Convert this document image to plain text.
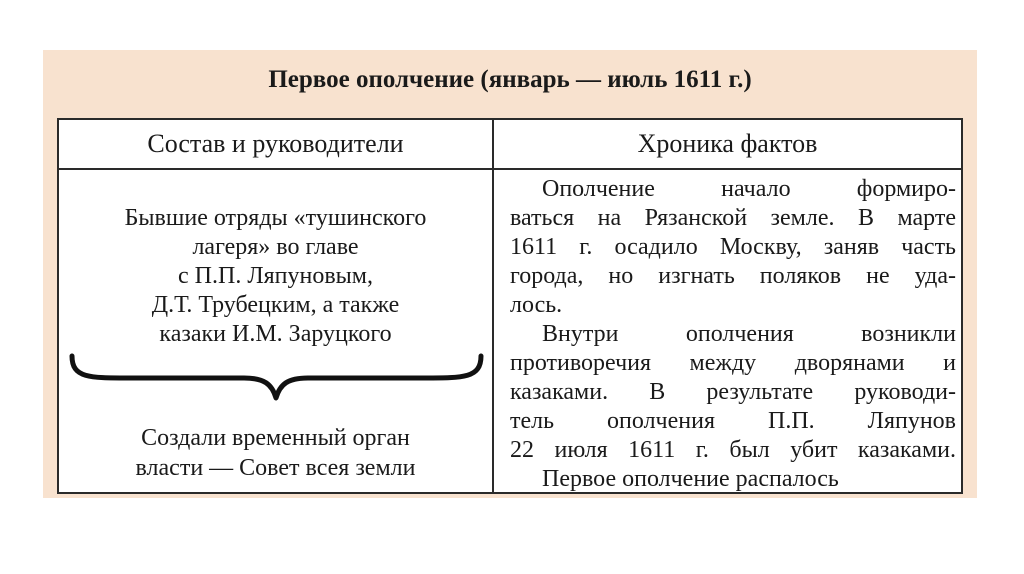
Первое ополчение (январь — июль 1611 г.)
Состав и руководители	Хроника фактов
Бывшие отряды «тушинского
лагеря» во главе
с П.П. Ляпуновым,
Д.Т. Трубецким, а также
казаки И.М. Заруцкого
Создали временный орган
власти — Совет всея земли
Ополчение начало формиро-
ваться на Рязанской земле. В марте
1611 г. осадило Москву, заняв часть
города, но изгнать поляков не уда-
лось.
Внутри ополчения возникли
противоречия между дворянами и
казаками. В результате руководи-
тель ополчения П.П. Ляпунов
22 июля 1611 г. был убит казаками.
Первое ополчение распалось
